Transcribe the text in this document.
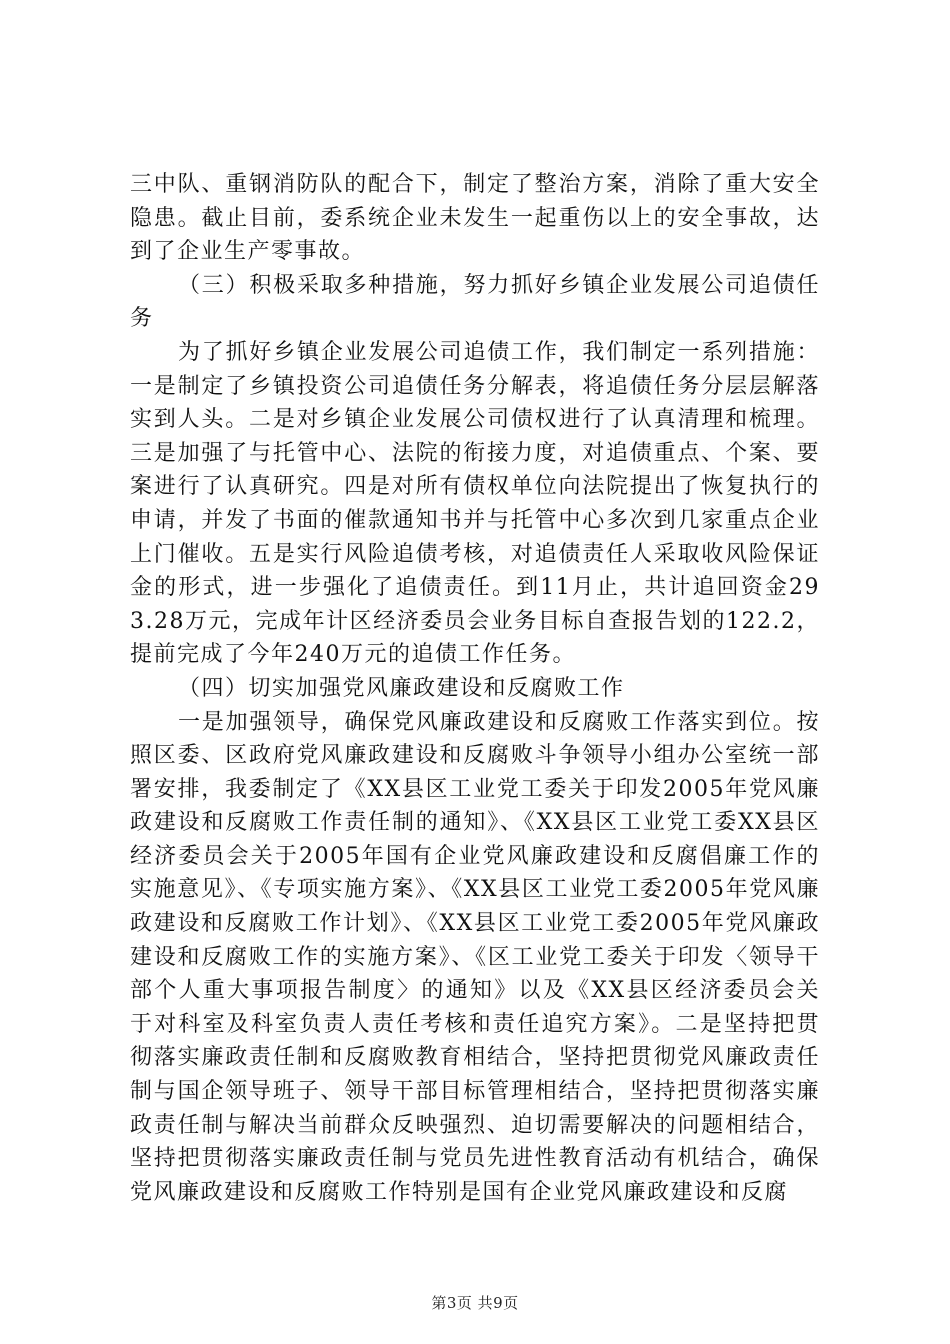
三中队、重钢消防队的配合下，制定了整治方案，消除了重大安全隐患。截止目前，委系统企业未发生一起重伤以上的安全事故，达到了企业生产零事故。

（三）积极采取多种措施，努力抓好乡镇企业发展公司追债任务

为了抓好乡镇企业发展公司追债工作，我们制定一系列措施：一是制定了乡镇投资公司追债任务分解表，将追债任务分层层解落实到人头。二是对乡镇企业发展公司债权进行了认真清理和梳理。三是加强了与托管中心、法院的衔接力度，对追债重点、个案、要案进行了认真研究。四是对所有债权单位向法院提出了恢复执行的申请，并发了书面的催款通知书并与托管中心多次到几家重点企业上门催收。五是实行风险追债考核，对追债责任人采取收风险保证金的形式，进一步强化了追债责任。到11月止，共计追回资金293.28万元，完成年计区经济委员会业务目标自查报告划的122.2，提前完成了今年240万元的追债工作任务。

（四）切实加强党风廉政建设和反腐败工作

一是加强领导，确保党风廉政建设和反腐败工作落实到位。按照区委、区政府党风廉政建设和反腐败斗争领导小组办公室统一部署安排，我委制定了《XX县区工业党工委关于印发2005年党风廉政建设和反腐败工作责任制的通知》、《XX县区工业党工委XX县区经济委员会关于2005年国有企业党风廉政建设和反腐倡廉工作的实施意见》、《专项实施方案》、《XX县区工业党工委2005年党风廉政建设和反腐败工作计划》、《XX县区工业党工委2005年党风廉政建设和反腐败工作的实施方案》、《区工业党工委关于印发〈领导干部个人重大事项报告制度〉的通知》以及《XX县区经济委员会关于对科室及科室负责人责任考核和责任追究方案》。二是坚持把贯彻落实廉政责任制和反腐败教育相结合，坚持把贯彻党风廉政责任制与国企领导班子、领导干部目标管理相结合，坚持把贯彻落实廉政责任制与解决当前群众反映强烈、迫切需要解决的问题相结合，坚持把贯彻落实廉政责任制与党员先进性教育活动有机结合，确保党风廉政建设和反腐败工作特别是国有企业党风廉政建设和反腐

第3页 共9页
